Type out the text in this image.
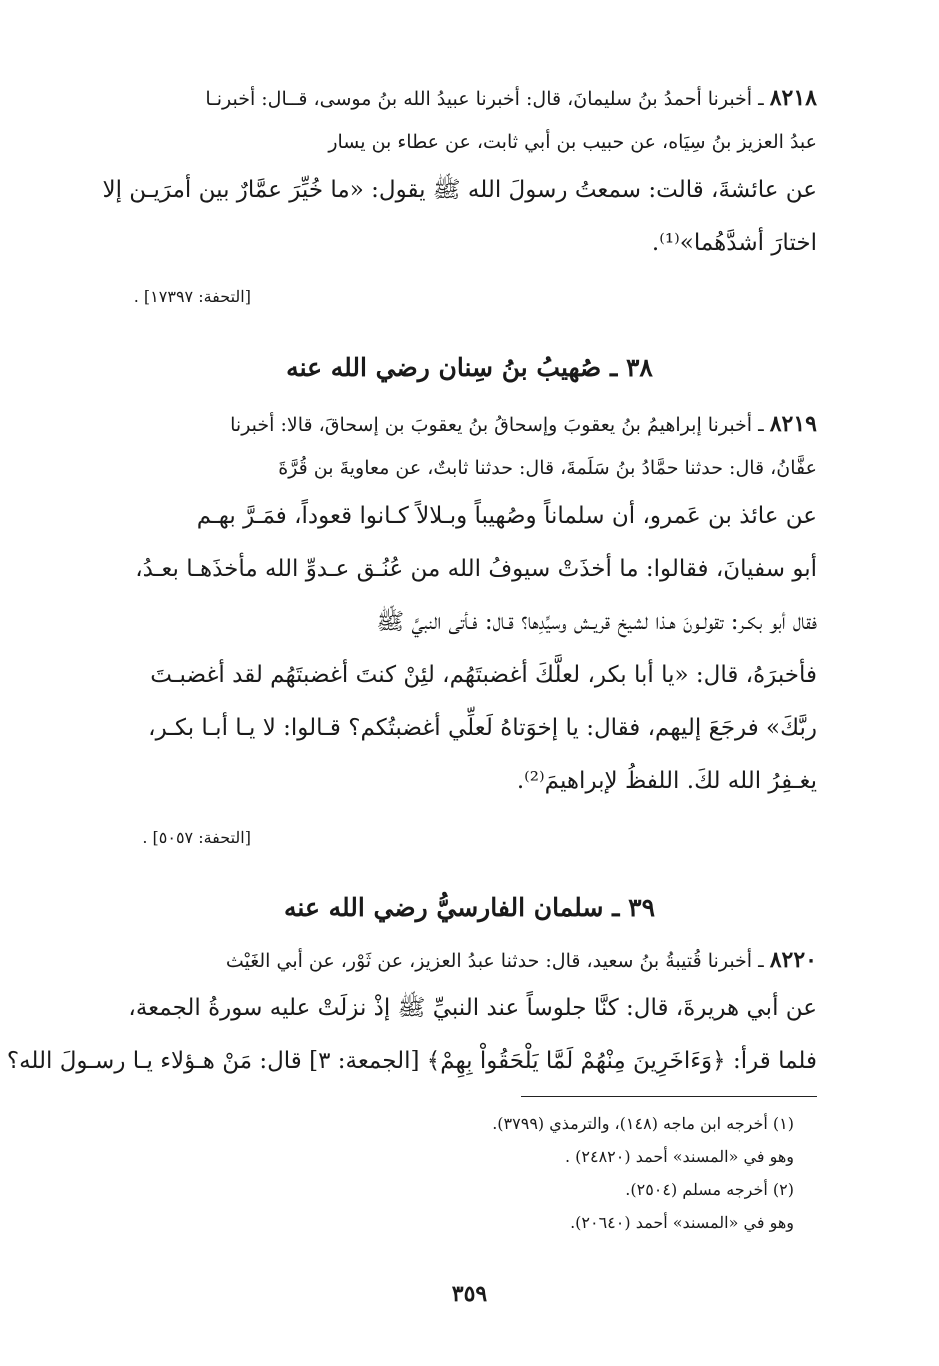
٨٢١٨ ـ أخبرنا أحمدُ بنُ سليمانَ، قال: أخبرنا عبيدُ الله بنُ موسى، قــال: أخبرنـا
عبدُ العزيز بنُ سِيَاه، عن حبيب بن أبي ثابت، عن عطاء بن يسار
عن عائشةَ، قالت: سمعتُ رسولَ الله ﷺ يقول: «ما خُيِّرَ عمَّارٌ بين أمرَيـن إلا
اختارَ أشدَّهُما»⁽¹⁾.
[التحفة: ١٧٣٩٧] .
٣٨ ـ صُهيبُ بنُ سِنان رضي الله عنه
٨٢١٩ ـ أخبرنا إبراهيمُ بنُ يعقوبَ وإسحاقُ بنُ يعقوبَ بن إسحاقَ، قالا: أخبرنا
عفَّانُ، قال: حدثنا حمَّادُ بنُ سَلَمةَ، قال: حدثنا ثابتٌ، عن معاويةَ بن قُرَّةَ
عن عائذ بن عَمرو، أن سلماناً وصُهيباً وبـلالاً كـانوا قعوداً، فمَـرَّ بهـم
أبو سفيانَ، فقالوا: ما أخذَتْ سيوفُ الله من عُنُـق عـدوِّ الله مأخذَهـا بعـدُ،
فقال أبو بكـر: تقولـونَ هـذا لشيخ قريـش وسيِّدِها؟ قـال: فـأتى النبيَّ ﷺ
فأخبرَهُ، قال: «يا أبا بكر، لعلَّكَ أغضبتَهُم، لئِنْ كنتَ أغضبتَهُم لقد أغضبـتَ
ربَّكَ» فرجَعَ إليهم، فقال: يا إخوَتاهُ لَعلِّي أغضبتُكم؟ قـالوا: لا يـا أبـا بكـر،
يغـفِرُ الله لكَ. اللفظُ لإبراهيمَ⁽²⁾.
[التحفة: ٥٠٥٧] .
٣٩ ـ سلمان الفارسيُّ رضي الله عنه
٨٢٢٠ ـ أخبرنا قُتيبةُ بنُ سعيد، قال: حدثنا عبدُ العزيز، عن ثَوْر، عن أبي الغَيْث
عن أبي هريرةَ، قال: كنَّا جلوساً عند النبيِّ ﷺ إذْ نزلَتْ عليه سورةُ الجمعة،
فلما قرأ: ﴿وَءَاخَرِينَ مِنْهُمْ لَمَّا يَلْحَقُواْ بِهِمْ﴾ [الجمعة: ٣] قال: مَنْ هـؤلاء يـا رسـولَ الله؟
(١) أخرجه ابن ماجه (١٤٨)، والترمذي (٣٧٩٩).
وهو في «المسند» أحمد (٢٤٨٢٠) .
(٢) أخرجه مسلم (٢٥٠٤).
وهو في «المسند» أحمد (٢٠٦٤٠).
٣٥٩
